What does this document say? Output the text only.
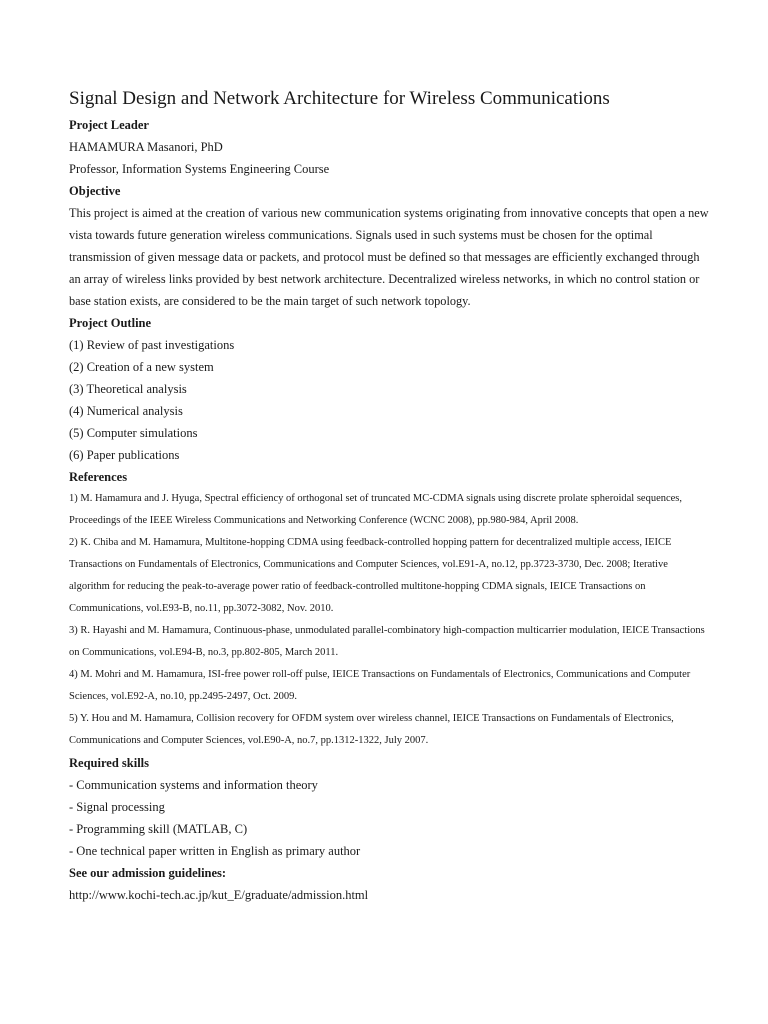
Signal Design and Network Architecture for Wireless Communications

Project Leader

HAMAMURA Masanori, PhD

Professor, Information Systems Engineering Course

Objective

This project is aimed at the creation of various new communication systems originating from innovative concepts that open a new vista towards future generation wireless communications. Signals used in such systems must be chosen for the optimal transmission of given message data or packets, and protocol must be defined so that messages are efficiently exchanged through an array of wireless links provided by best network architecture. Decentralized wireless networks, in which no control station or base station exists, are considered to be the main target of such network topology.

Project Outline

(1) Review of past investigations
(2) Creation of a new system
(3) Theoretical analysis
(4) Numerical analysis
(5) Computer simulations
(6) Paper publications

References

1) M. Hamamura and J. Hyuga, Spectral efficiency of orthogonal set of truncated MC-CDMA signals using discrete prolate spheroidal sequences, Proceedings of the IEEE Wireless Communications and Networking Conference (WCNC 2008), pp.980-984, April 2008.
2) K. Chiba and M. Hamamura, Multitone-hopping CDMA using feedback-controlled hopping pattern for decentralized multiple access, IEICE Transactions on Fundamentals of Electronics, Communications and Computer Sciences, vol.E91-A, no.12, pp.3723-3730, Dec. 2008; Iterative algorithm for reducing the peak-to-average power ratio of feedback-controlled multitone-hopping CDMA signals, IEICE Transactions on Communications, vol.E93-B, no.11, pp.3072-3082, Nov. 2010.
3) R. Hayashi and M. Hamamura, Continuous-phase, unmodulated parallel-combinatory high-compaction multicarrier modulation, IEICE Transactions on Communications, vol.E94-B, no.3, pp.802-805, March 2011.
4) M. Mohri and M. Hamamura, ISI-free power roll-off pulse, IEICE Transactions on Fundamentals of Electronics, Communications and Computer Sciences, vol.E92-A, no.10, pp.2495-2497, Oct. 2009.
5) Y. Hou and M. Hamamura, Collision recovery for OFDM system over wireless channel, IEICE Transactions on Fundamentals of Electronics, Communications and Computer Sciences, vol.E90-A, no.7, pp.1312-1322, July 2007.

Required skills

- Communication systems and information theory
- Signal processing
- Programming skill (MATLAB, C)
- One technical paper written in English as primary author

See our admission guidelines:

http://www.kochi-tech.ac.jp/kut_E/graduate/admission.html
